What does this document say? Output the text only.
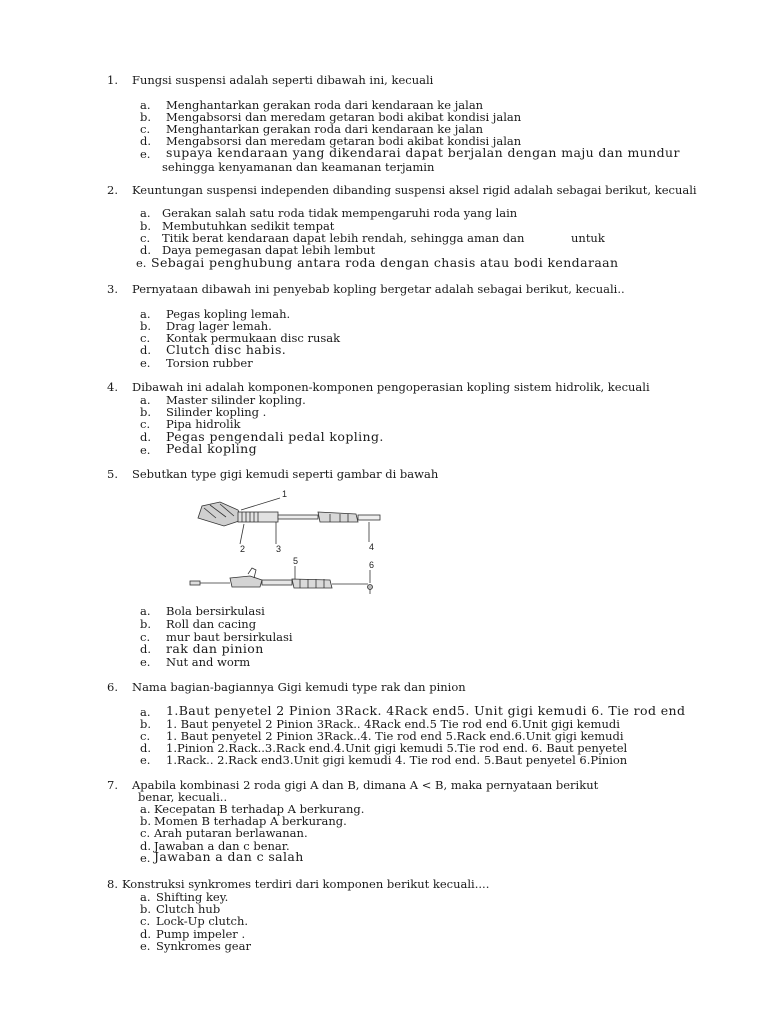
1. Fungsi suspensi adalah seperti dibawah ini, kecuali
a. Menghantarkan gerakan roda dari kendaraan ke jalan
b. Mengabsorsi dan meredam getaran bodi akibat kondisi jalan
c. Menghantarkan gerakan roda dari kendaraan ke jalan
d. Mengabsorsi dan meredam getaran bodi akibat kondisi jalan
e. supaya kendaraan yang dikendarai dapat berjalan dengan maju dan mundur
sehingga kenyamanan dan keamanan terjamin
2. Keuntungan suspensi independen dibanding suspensi aksel rigid adalah sebagai berikut, kecuali
a. Gerakan salah satu roda tidak mempengaruhi roda yang lain
b. Membutuhkan sedikit tempat
c. Titik berat kendaraan dapat lebih rendah, sehingga aman dan	untuk
d. Daya pemegasan dapat lebih lembut
e. Sebagai penghubung antara roda dengan chasis atau bodi kendaraan
3. Pernyataan dibawah ini penyebab kopling bergetar adalah sebagai berikut, kecuali..
a. Pegas kopling lemah.
b. Drag lager lemah.
c. Kontak permukaan disc rusak
d. Clutch disc habis.
e. Torsion rubber
4. Dibawah ini adalah komponen-komponen pengoperasian kopling sistem hidrolik, kecuali
a. Master silinder kopling.
b. Silinder kopling .
c. Pipa hidrolik
d. Pegas pengendali pedal kopling.
e. Pedal kopling
5. Sebutkan type gigi kemudi seperti gambar di bawah
1
2	3	4
5	6
a. Bola bersirkulasi
b. Roll dan cacing
c. mur baut bersirkulasi
d. rak dan pinion
e. Nut and worm
6. Nama bagian-bagiannya Gigi kemudi type rak dan pinion
a. 1.Baut penyetel 2 Pinion 3Rack. 4Rack end5. Unit gigi kemudi 6. Tie rod end
b. 1. Baut penyetel 2 Pinion 3Rack.. 4Rack end.5 Tie rod end 6.Unit gigi kemudi
c. 1. Baut penyetel 2 Pinion 3Rack..4. Tie rod end 5.Rack end.6.Unit gigi kemudi
d. 1.Pinion 2.Rack..3.Rack end.4.Unit gigi kemudi 5.Tie rod end. 6. Baut penyetel
e. 1.Rack.. 2.Rack end3.Unit gigi kemudi 4. Tie rod end. 5.Baut penyetel 6.Pinion
7. Apabila kombinasi 2 roda gigi A dan B, dimana A < B, maka pernyataan berikut
benar, kecuali..
a. Kecepatan B terhadap A berkurang.
b. Momen B terhadap A berkurang.
c. Arah putaran berlawanan.
d. Jawaban a dan c benar.
e. Jawaban a dan c salah
8. Konstruksi synkromes terdiri dari komponen berikut kecuali....
a. Shifting key.
b. Clutch hub
c. Lock-Up clutch.
d. Pump impeler .
e. Synkromes gear
